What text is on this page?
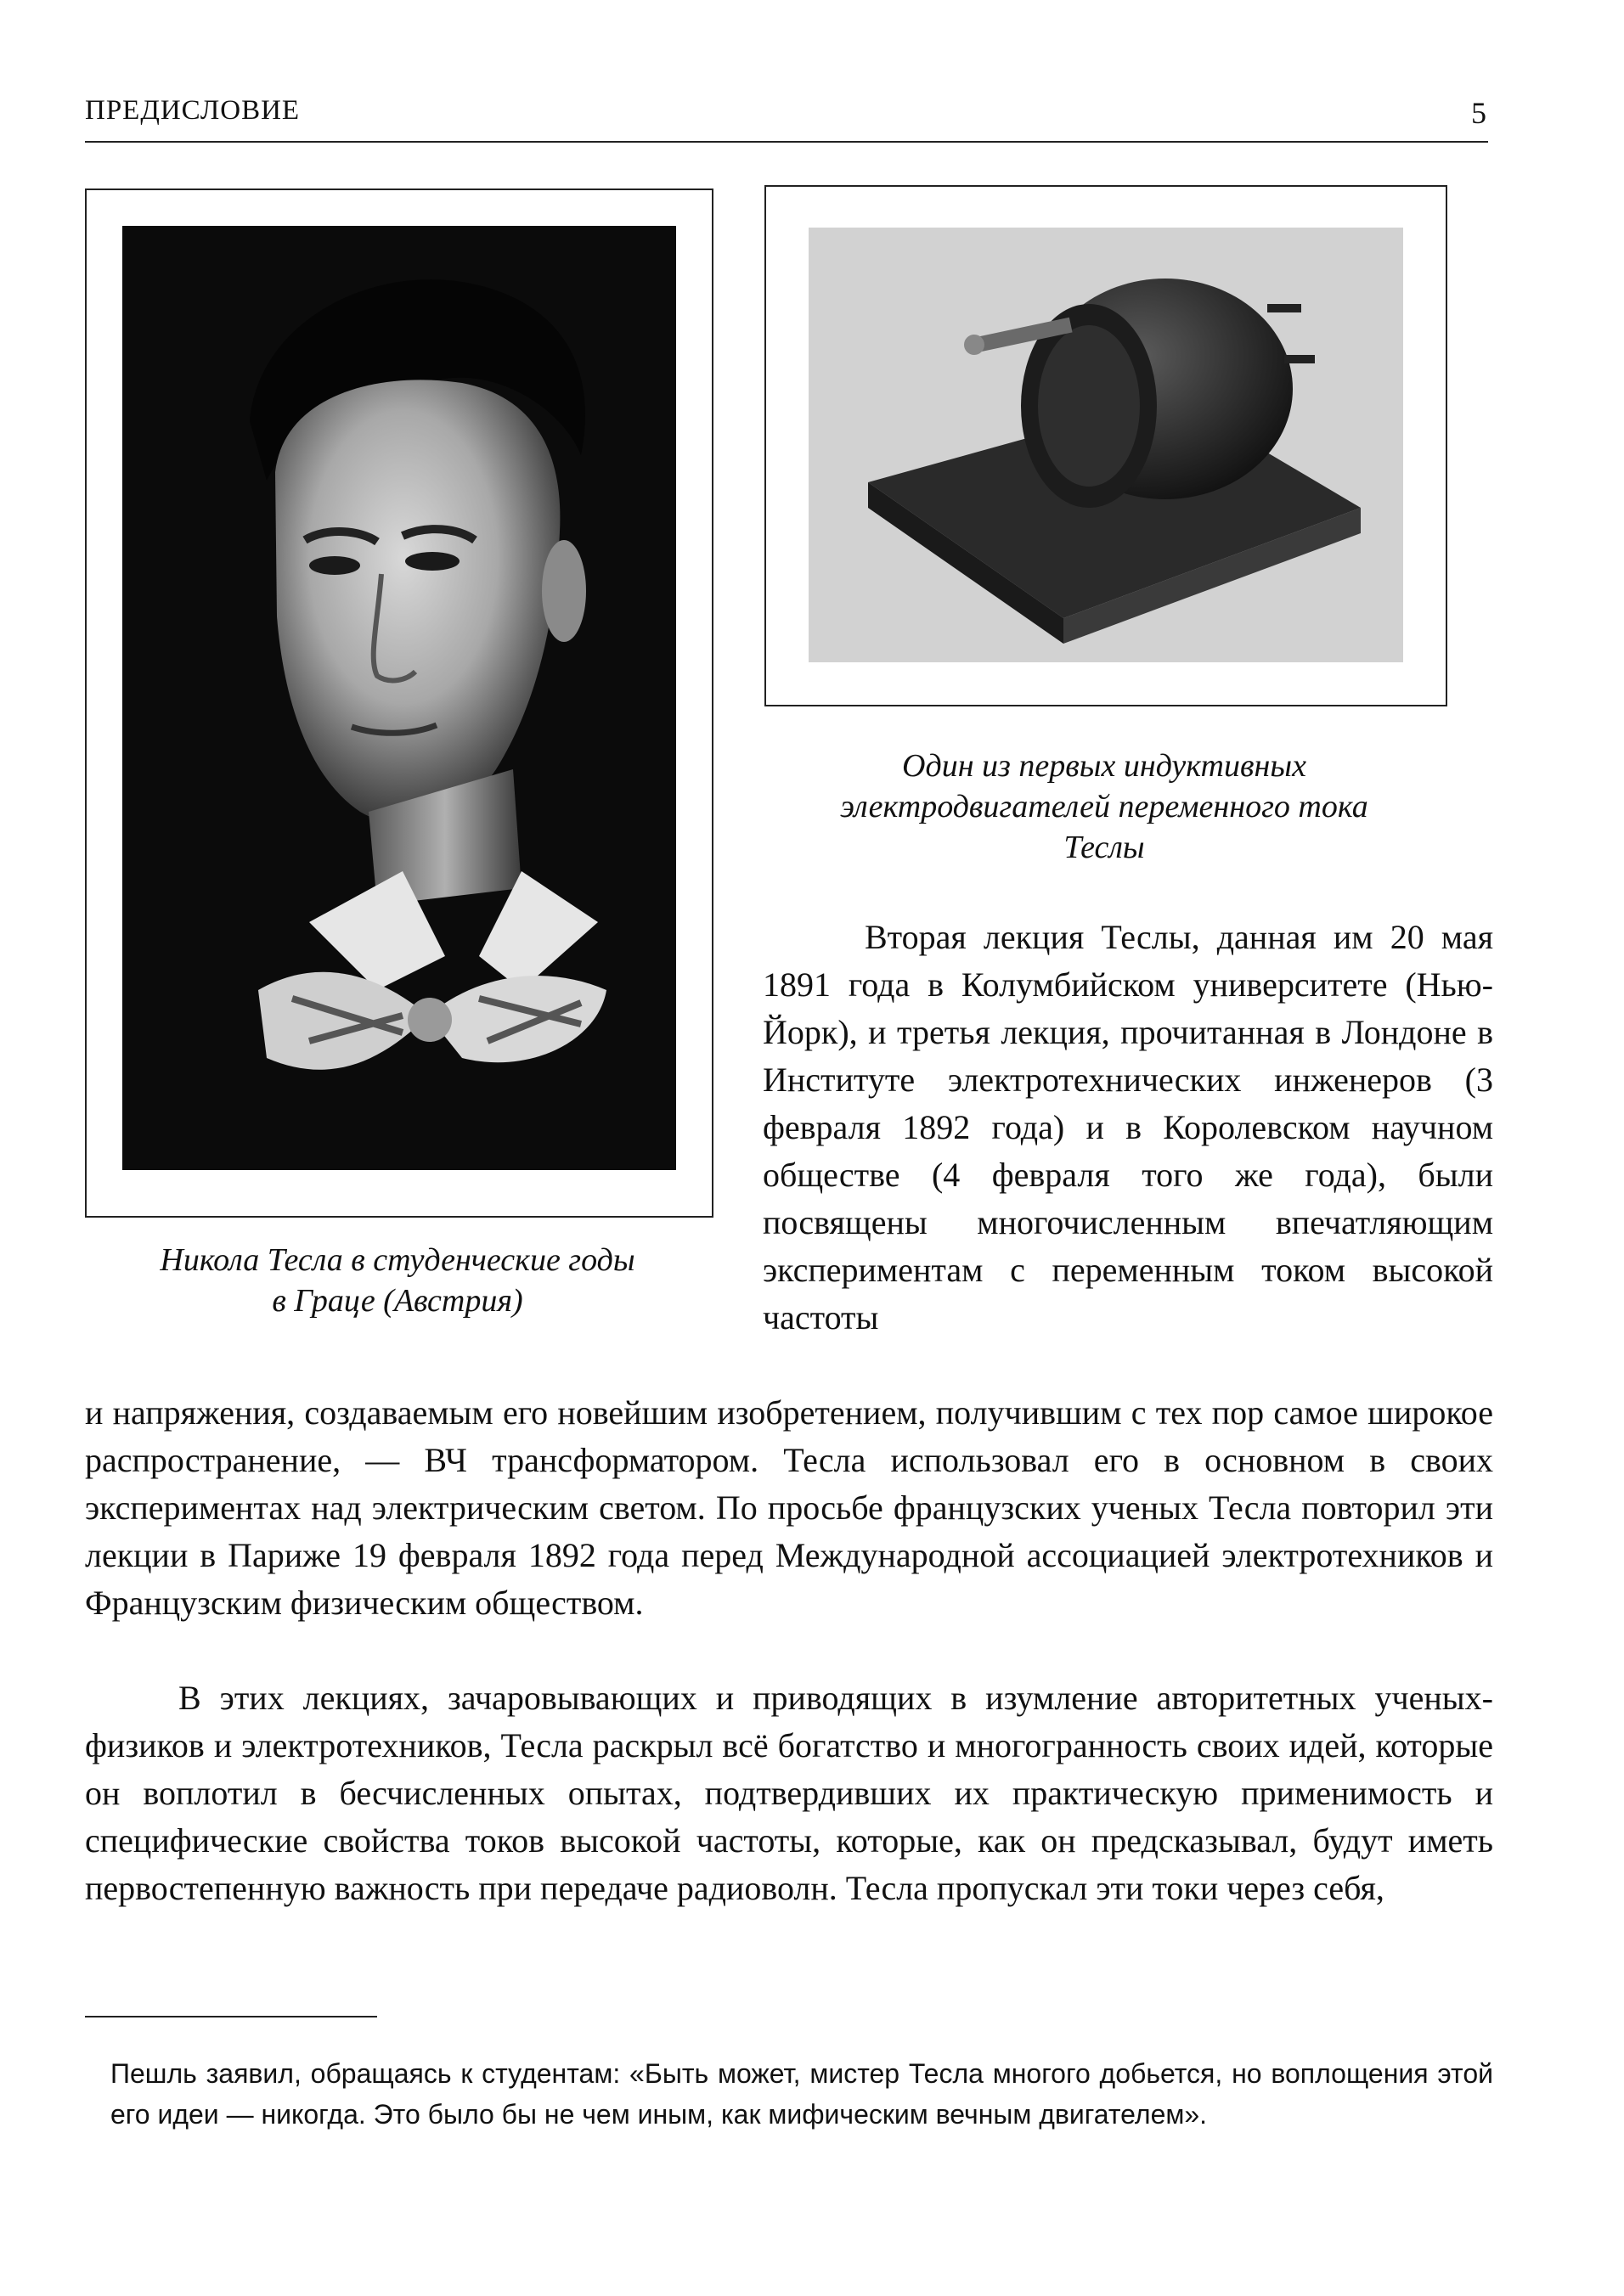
ПРЕДИСЛОВИЕ	5
Один из первых индуктивных
электродвигателей переменного тока
Теслы
Никола Тесла в студенческие годы
в Граце (Австрия)
Вторая лекция Теслы, данная им 20 мая 1891 года в Колумбийском университете (Нью-Йорк), и третья лекция, прочитанная в Лондоне в Институте электротехнических инженеров (3 февраля 1892 года) и в Королевском научном обществе (4 февраля того же года), были посвящены многочисленным впечатляющим экспериментам с переменным током высокой частоты
и напряжения, создаваемым его новейшим изобретением, получившим с тех пор самое широкое распространение, — ВЧ трансформатором. Тесла использовал его в основном в своих экспериментах над электрическим светом. По просьбе французских ученых Тесла повторил эти лекции в Париже 19 февраля 1892 года перед Международной ассоциацией электротехников и Французским физическим обществом.
В этих лекциях, зачаровывающих и приводящих в изумление авторитетных ученых-физиков и электротехников, Тесла раскрыл всё богатство и многогранность своих идей, которые он воплотил в бесчисленных опытах, подтвердивших их практическую применимость и специфические свойства токов высокой частоты, которые, как он предсказывал, будут иметь первостепенную важность при передаче радиоволн. Тесла пропускал эти токи через себя,
Пешль заявил, обращаясь к студентам: «Быть может, мистер Тесла многого добьется, но воплощения этой его идеи — никогда. Это было бы не чем иным, как мифическим вечным двигателем».
